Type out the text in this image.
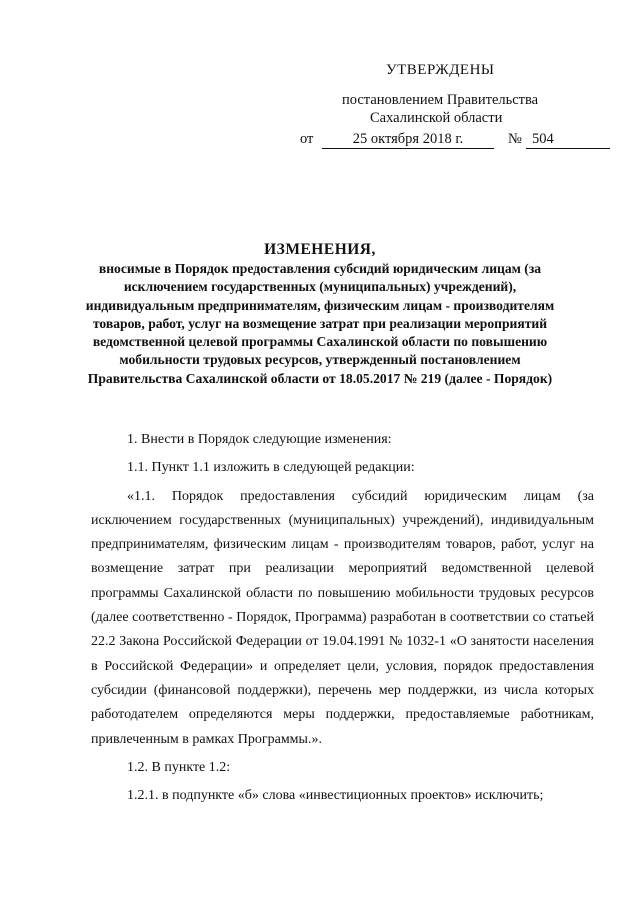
УТВЕРЖДЕНЫ
постановлением Правительства
Сахалинской области
от	25 октября 2018 г.	№ 504
ИЗМЕНЕНИЯ,
вносимые в Порядок предоставления субсидий юридическим лицам (за исключением государственных (муниципальных) учреждений), индивидуальным предпринимателям, физическим лицам - производителям товаров, работ, услуг на возмещение затрат при реализации мероприятий ведомственной целевой программы Сахалинской области по повышению мобильности трудовых ресурсов, утвержденный постановлением Правительства Сахалинской области от 18.05.2017 № 219 (далее - Порядок)

1. Внести в Порядок следующие изменения:

1.1. Пункт 1.1 изложить в следующей редакции:

«1.1. Порядок предоставления субсидий юридическим лицам (за исключением государственных (муниципальных) учреждений), индивидуальным предпринимателям, физическим лицам - производителям товаров, работ, услуг на возмещение затрат при реализации мероприятий ведомственной целевой программы Сахалинской области по повышению мобильности трудовых ресурсов (далее соответственно - Порядок, Программа) разработан в соответствии со статьей 22.2 Закона Российской Федерации от 19.04.1991 № 1032-1 «О занятости населения в Российской Федерации» и определяет цели, условия, порядок предоставления субсидии (финансовой поддержки), перечень мер поддержки, из числа которых работодателем определяются меры поддержки, предоставляемые работникам, привлеченным в рамках Программы.».

1.2. В пункте 1.2:

1.2.1. в подпункте «б» слова «инвестиционных проектов» исключить;
